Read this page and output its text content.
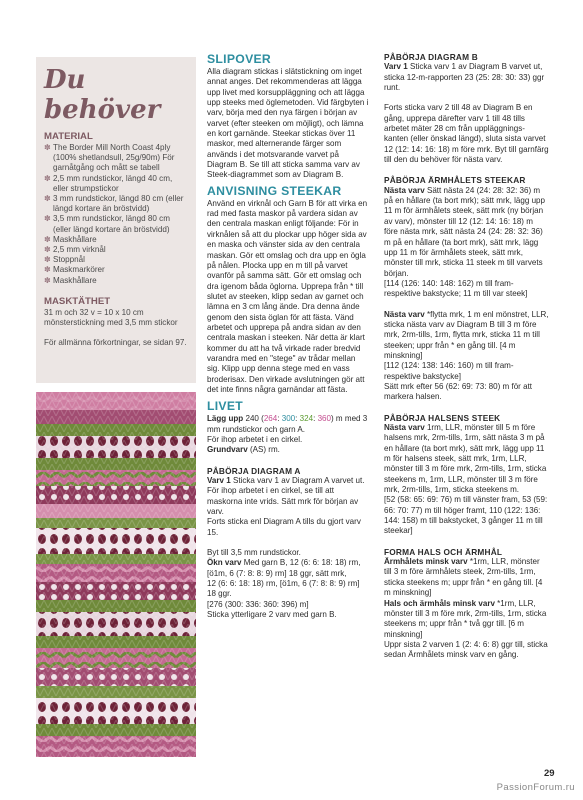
Du behöver
MATERIAL
✽ The Border Mill North Coast 4ply (100% shetlandsull, 25g/90m) För garnåtgång och mått se tabell
✽ 2,5 mm rundstickor, längd 40 cm, eller strumpstickor
✽ 3 mm rundstickor, längd 80 cm (eller längd kortare än bröstvidd)
✽ 3,5 mm rundstickor, längd 80 cm (eller längd kortare än bröstvidd)
✽ Maskhållare
✽ 2,5 mm virknål
✽ Stoppnål
✽ Maskmarkörer
✽ Maskhållare
MASKTÄTHET

31 m och 32 v = 10 x 10 cm mönsterstickning med 3,5 mm stickor

För allmänna förkortningar, se sidan 97.

SLIPOVER

Alla diagram stickas i slätstickning om inget annat anges. Det rekommenderas att lägga upp livet med korsuppläggning och att lägga upp steeks med öglemetoden. Vid färgbyten i varv, börja med den nya färgen i början av varvet (efter steeken om möjligt), och lämna en kort garnände. Steekar stickas över 11 maskor, med alternerande färger som används i det motsvarande varvet på Diagram B. Se till att sticka samma varv av Steek-diagrammet som av Diagram B.

ANVISNING STEEKAR

Använd en virknål och Garn B för att virka en rad med fasta maskor på vardera sidan av den centrala maskan enligt följande: För in virknålen så att du plockar upp höger sida av en maska och vänster sida av den centrala maskan. Gör ett omslag och dra upp en ögla på nålen. Plocka upp en m till på varvet ovanför på samma sätt. Gör ett omslag och dra igenom båda öglorna. Upprepa från * till slutet av steeken, klipp sedan av garnet och lämna en 3 cm lång ände. Dra denna ände genom den sista öglan för att fästa. Vänd arbetet och upprepa på andra sidan av den centrala maskan i steeken. När detta är klart kommer du att ha två virkade rader bredvid varandra med en "stege" av trådar mellan sig. Klipp upp denna stege med en vass broderisax. Den virkade avslutningen gör att det inte finns några garnändar att fästa.

LIVET

Lägg upp 240 (264: 300: 324: 360) m med 3 mm rundstickor och garn A.

För ihop arbetet i en cirkel.

Grundvarv (AS) rm.

PÅBÖRJA DIAGRAM A

Varv 1 Sticka varv 1 av Diagram A varvet ut. För ihop arbetet i en cirkel, se till att maskorna inte vrids. Sätt mrk för början av varv.

Forts sticka enl Diagram A tills du gjort varv 15.

Byt till 3,5 mm rundstickor.

Ökn varv Med garn B, 12 (6: 6: 18: 18) rm,
[ö1m, 6 (7: 8: 8: 9) rm] 18 ggr, sätt mrk,
12 (6: 6: 18: 18) rm, [ö1m, 6 (7: 8: 8: 9) rm]
18 ggr.

[276 (300: 336: 360: 396) m]

Sticka ytterligare 2 varv med garn B.

PÅBÖRJA DIAGRAM B

Varv 1 Sticka varv 1 av Diagram B varvet ut, sticka 12-m-rapporten 23 (25: 28: 30: 33) ggr runt.

Forts sticka varv 2 till 48 av Diagram B en gång, upprepa därefter varv 1 till 48 tills arbetet mäter 28 cm från uppläggnings-kanten (eller önskad längd), sluta sista varvet 12 (12: 14: 16: 18) m före mrk. Byt till garnfärg till den du behöver för nästa varv.

PÅBÖRJA ÄRMHÅLETS STEEKAR

Nästa varv Sätt nästa 24 (24: 28: 32: 36) m på en hållare (ta bort mrk); sätt mrk, lägg upp 11 m för ärmhålets steek, sätt mrk (ny början av varv), mönster till 12 (12: 14: 16: 18) m före nästa mrk, sätt nästa 24 (24: 28: 32: 36) m på en hållare (ta bort mrk), sätt mrk, lägg upp 11 m för ärmhålets steek, sätt mrk, mönster till mrk, sticka 11 steek m till varvets början.

[114 (126: 140: 148: 162) m till fram- respektive bakstycke; 11 m till var steek]

Nästa varv *flytta mrk, 1 m enl mönstret, LLR, sticka nästa varv av Diagram B till 3 m före mrk, 2rm-tills, 1rm, flytta mrk, sticka 11 m till steeken; uppr från * en gång till. [4 m minskning]

[112 (124: 138: 146: 160) m till fram- respektive bakstycke]

Sätt mrk efter 56 (62: 69: 73: 80) m för att markera halsen.

PÅBÖRJA HALSENS STEEK

Nästa varv 1rm, LLR, mönster till 5 m före halsens mrk, 2rm-tills, 1rm, sätt nästa 3 m på en hållare (ta bort mrk), sätt mrk, lägg upp 11 m för halsens steek, sätt mrk, 1rm, LLR, mönster till 3 m före mrk, 2rm-tills, 1rm, sticka steekens m, 1rm, LLR, mönster till 3 m före mrk, 2rm-tills, 1rm, sticka steekens m.

[52 (58: 65: 69: 76) m till vänster fram, 53 (59: 66: 70: 77) m till höger framt, 110 (122: 136: 144: 158) m till bakstycket, 3 gånger 11 m till steekar]

FORMA HALS OCH ÄRMHÅL

Ärmhålets minsk varv *1rm, LLR, mönster till 3 m före ärmhålets steek, 2rm-tills, 1rm, sticka steekens m; uppr från * en gång till. [4 m minskning]

Hals och ärmhåls minsk varv *1rm, LLR, mönster till 3 m före mrk, 2rm-tills, 1rm, sticka steekens m; uppr från * två ggr till. [6 m minskning]

Uppr sista 2 varven 1 (2: 4: 6: 8) ggr till, sticka sedan Ärmhålets minsk varv en gång.

29
PassionForum.ru
